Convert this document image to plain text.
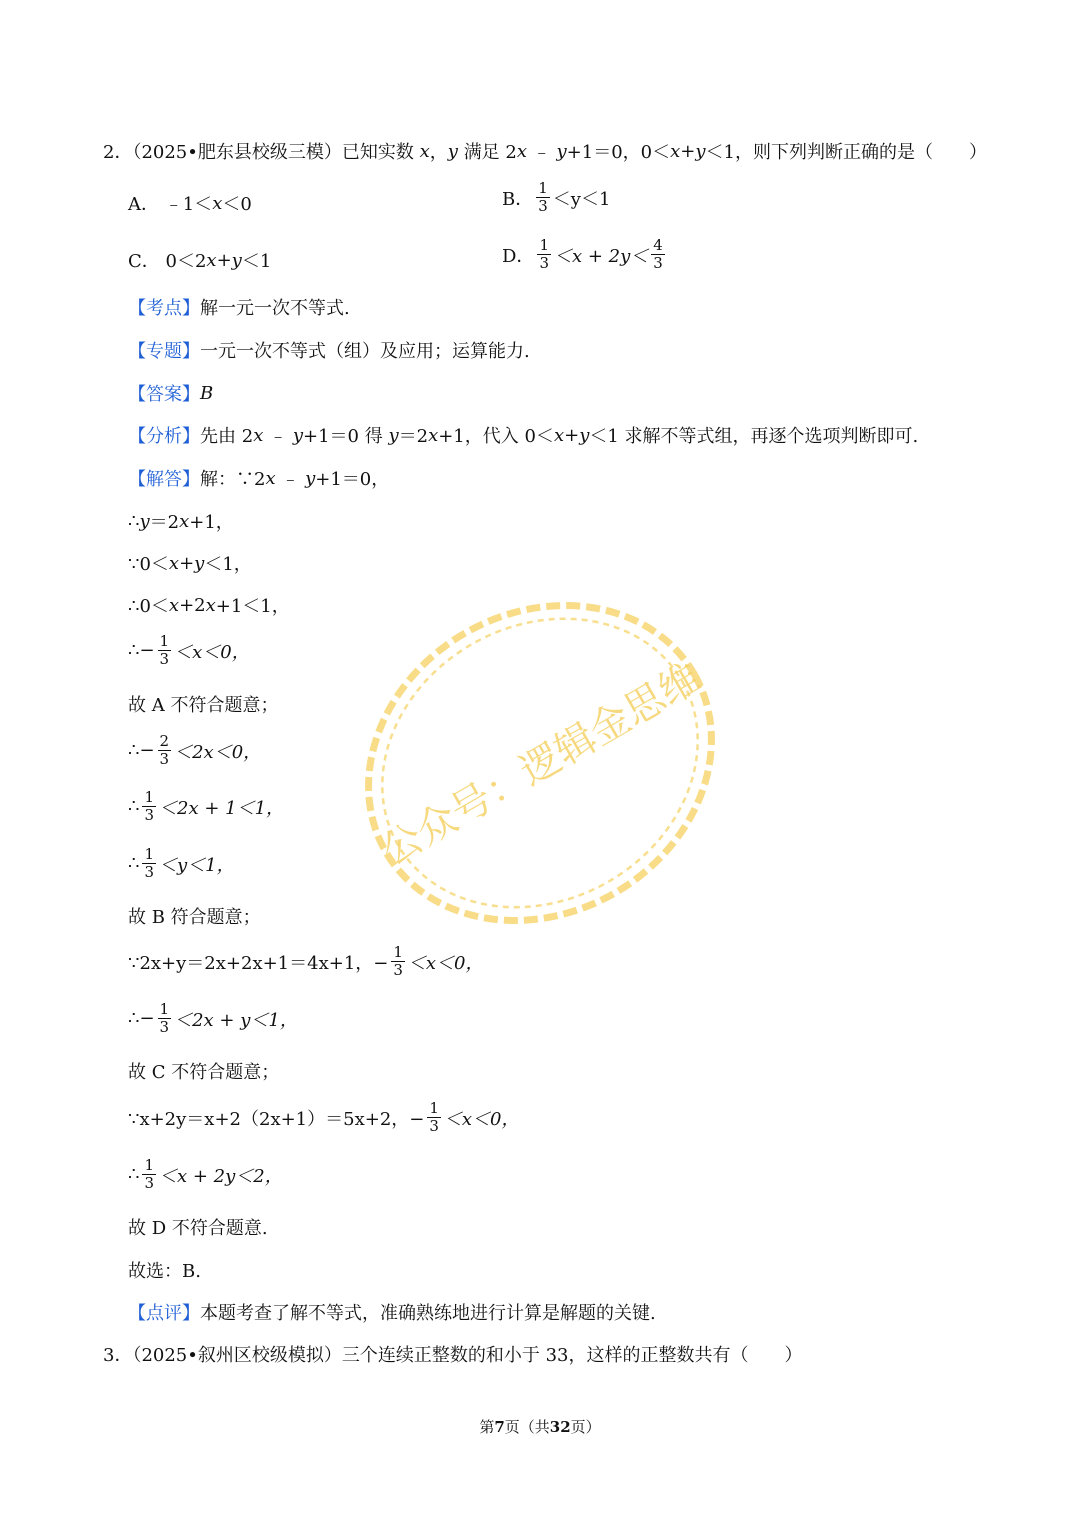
2．（2025•肥东县校级三模）已知实数
x ， y
满足 2 x
﹣
y +1＝0，0＜ x + y ＜1，则下列判断正确的是（　　）
A．
﹣1＜ x ＜0	B． $\frac{1}{3} <y<1$
C．
0＜2 x + y ＜1	D． $\frac{1}{3} <x + 2y< \frac{4}{3}$
【考点】 解一元一次不等式.
【专题】 一元一次不等式（组）及应用；运算能力.
【答案】 B
【分析】 先由 2 x
﹣
y +1＝0 得
y ＝2 x +1，代入 0＜ x + y ＜1 求解不等式组，再逐个选项判断即可.
【解答】 解：∵2 x
﹣
y +1＝0，
∴ y ＝2 x +1，
∵0＜ x + y ＜1，
∴0＜ x +2 x +1＜1，
∴− $\frac{1}{3} <x<0$，
故 A 不符合题意；
∴− $\frac{2}{3} <2x<0$，
∴ $\frac{1}{3} <2x + 1<1$，
∴ $\frac{1}{3} <y<1$，
故 B 符合题意；
∵2x+y＝2x+2x+1＝4x+1，− $\frac{1}{3} <x<0$，
∴− $\frac{1}{3} <2x + y<1$，
故 C 不符合题意；
∵x+2y＝x+2（2x+1）＝5x+2，− $\frac{1}{3} <x<0$，
∴ $\frac{1}{3} <x + 2y<2$，
故 D 不符合题意.
故选：B.
【点评】 本题考查了解不等式，准确熟练地进行计算是解题的关键.
3．（2025•叙州区校级模拟）三个连续正整数的和小于 33，这样的正整数共有（　　）
公众号：逻辑金思维
第7页（共32页）
